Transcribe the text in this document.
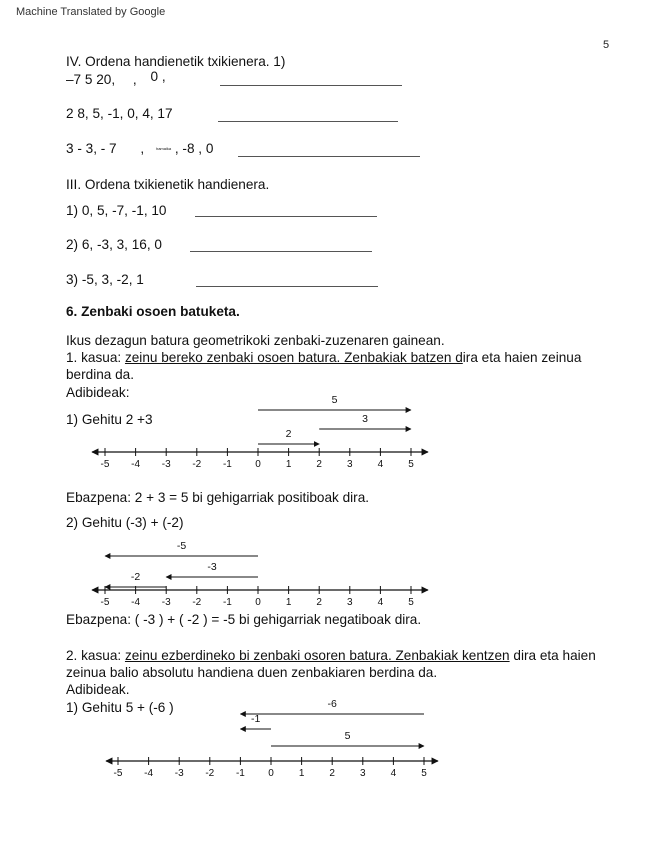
Machine Translated by Google
5
IV. Ordena handienetik txikienera. 1)
–7 5 20, , 0 ,
2 8, 5, -1, 0, 4, 17
3 - 3, - 7 ,	hamaika , -8 , 0
III. Ordena txikienetik handienera.
1) 0, 5, -7, -1, 10
2) 6, -3, 3, 16, 0
3) -5, 3, -2, 1
6. Zenbaki osoen batuketa.
Ikus dezagun batura geometrikoki zenbaki-zuzenaren gainean.
1. kasua: zeinu bereko zenbaki osoen batura. Zenbakiak batzen dira eta haien zeinua berdina da.
Adibideak:
1) Gehitu 2 +3
-5 -4 -3 -2 -1 0	1	2	3	4	5
5
3
2
-5 -4 -3 -2 -1 0	1	2	3	4	5
-5
-3
-2
-5 -4 -3 -2 -1 0	1	2	3	4	5
-6
-1
5
Ebazpena: 2 + 3 = 5 bi gehigarriak positiboak dira.
2) Gehitu (-3) + (-2)
Ebazpena: ( -3 ) + ( -2 ) = -5 bi gehigarriak negatiboak dira.
2. kasua: zeinu ezberdineko bi zenbaki osoren batura. Zenbakiak kentzen dira eta haien zeinua balio absolutu handiena duen zenbakiaren berdina da.
Adibideak.
1) Gehitu 5 + (-6 )
